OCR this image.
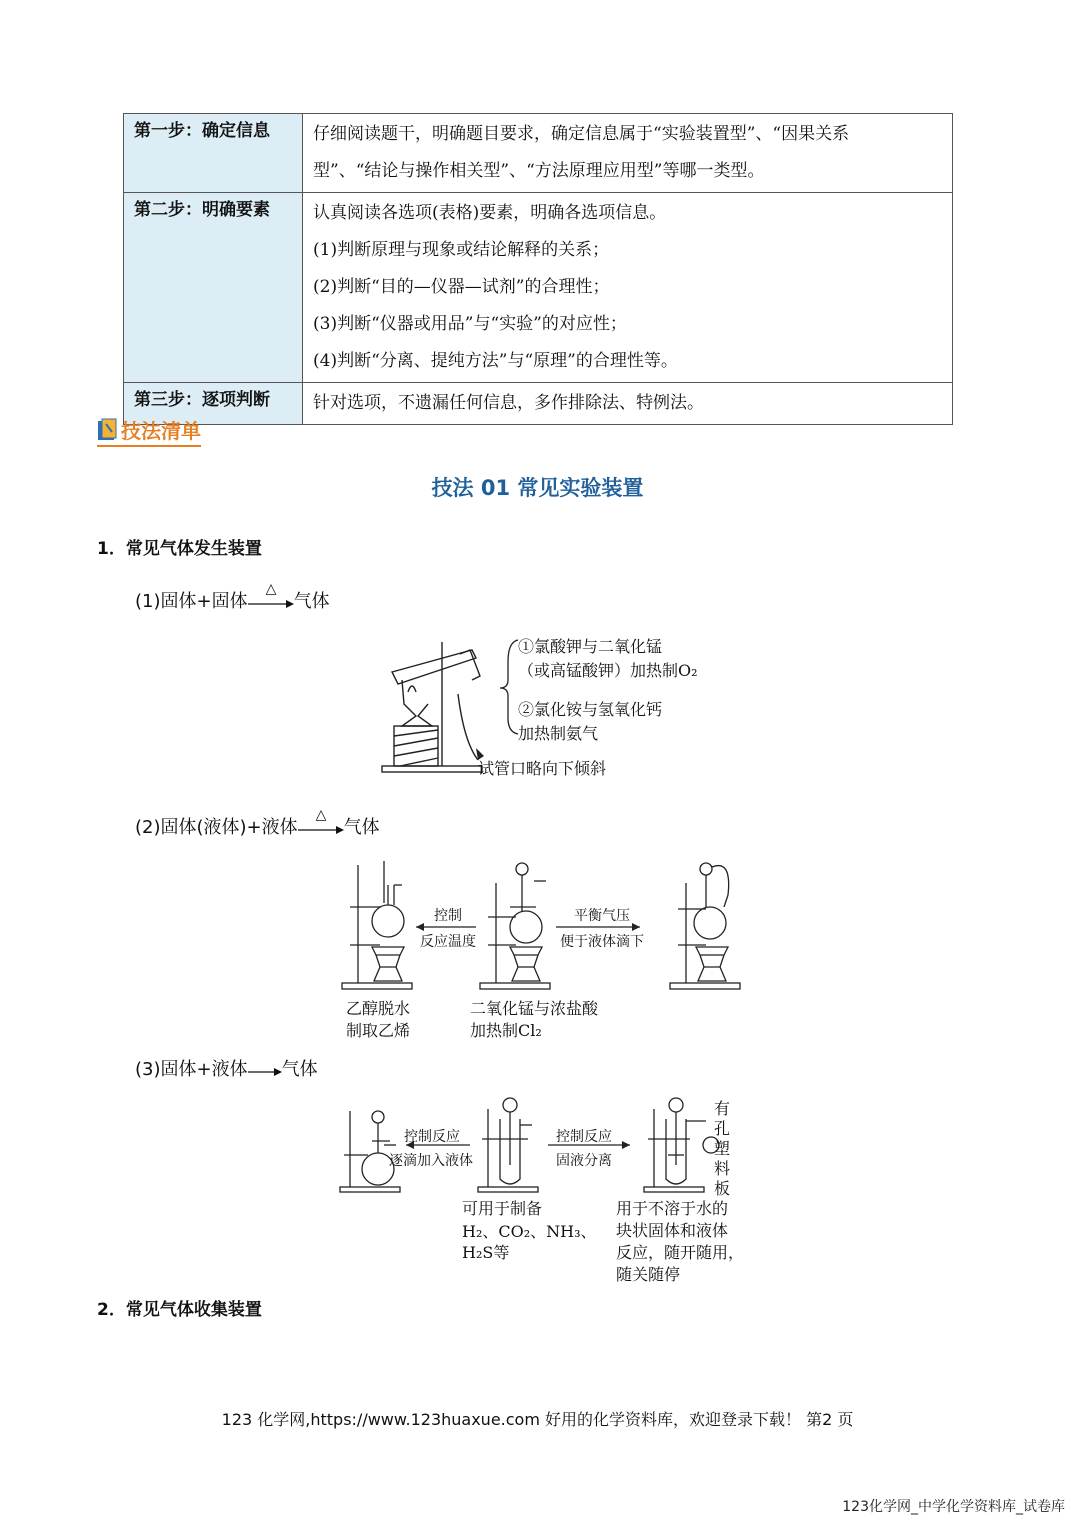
第一步：确定信息	仔细阅读题干，明确题目要求，确定信息属于“实验装置型”、“因果关系

型”、“结论与操作相关型”、“方法原理应用型”等哪一类型。

第二步：明确要素	认真阅读各选项(表格)要素，明确各选项信息。

(1)判断原理与现象或结论解释的关系；

(2)判断“目的—仪器—试剂”的合理性；

(3)判断“仪器或用品”与“实验”的对应性；

(4)判断“分离、提纯方法”与“原理”的合理性等。

第三步：逐项判断	针对选项，不遗漏任何信息，多作排除法、特例法。

技法清单
技法 01 常见实验装置
1．常见气体发生装置
(1)固体+固体
△
气体
①氯酸钾与二氧化锰
（或高锰酸钾）加热制O₂
②氯化铵与氢氧化钙
加热制氨气
试管口略向下倾斜
(2)固体(液体)+液体
△
气体
控制
反应温度
平衡气压
便于液体滴下
乙醇脱水
制取乙烯
二氧化锰与浓盐酸
加热制Cl₂
(3)固体+液体→气体
控制反应
逐滴加入液体
控制反应
固液分离
有
孔
塑
料
板
可用于制备
H₂、CO₂、NH₃、
H₂S等
用于不溶于水的
块状固体和液体
反应，随开随用，
随关随停
2．常见气体收集装置
123 化学网,https://www.123huaxue.com 好用的化学资料库，欢迎登录下载！ 第2 页
123化学网_中学化学资料库_试卷库
